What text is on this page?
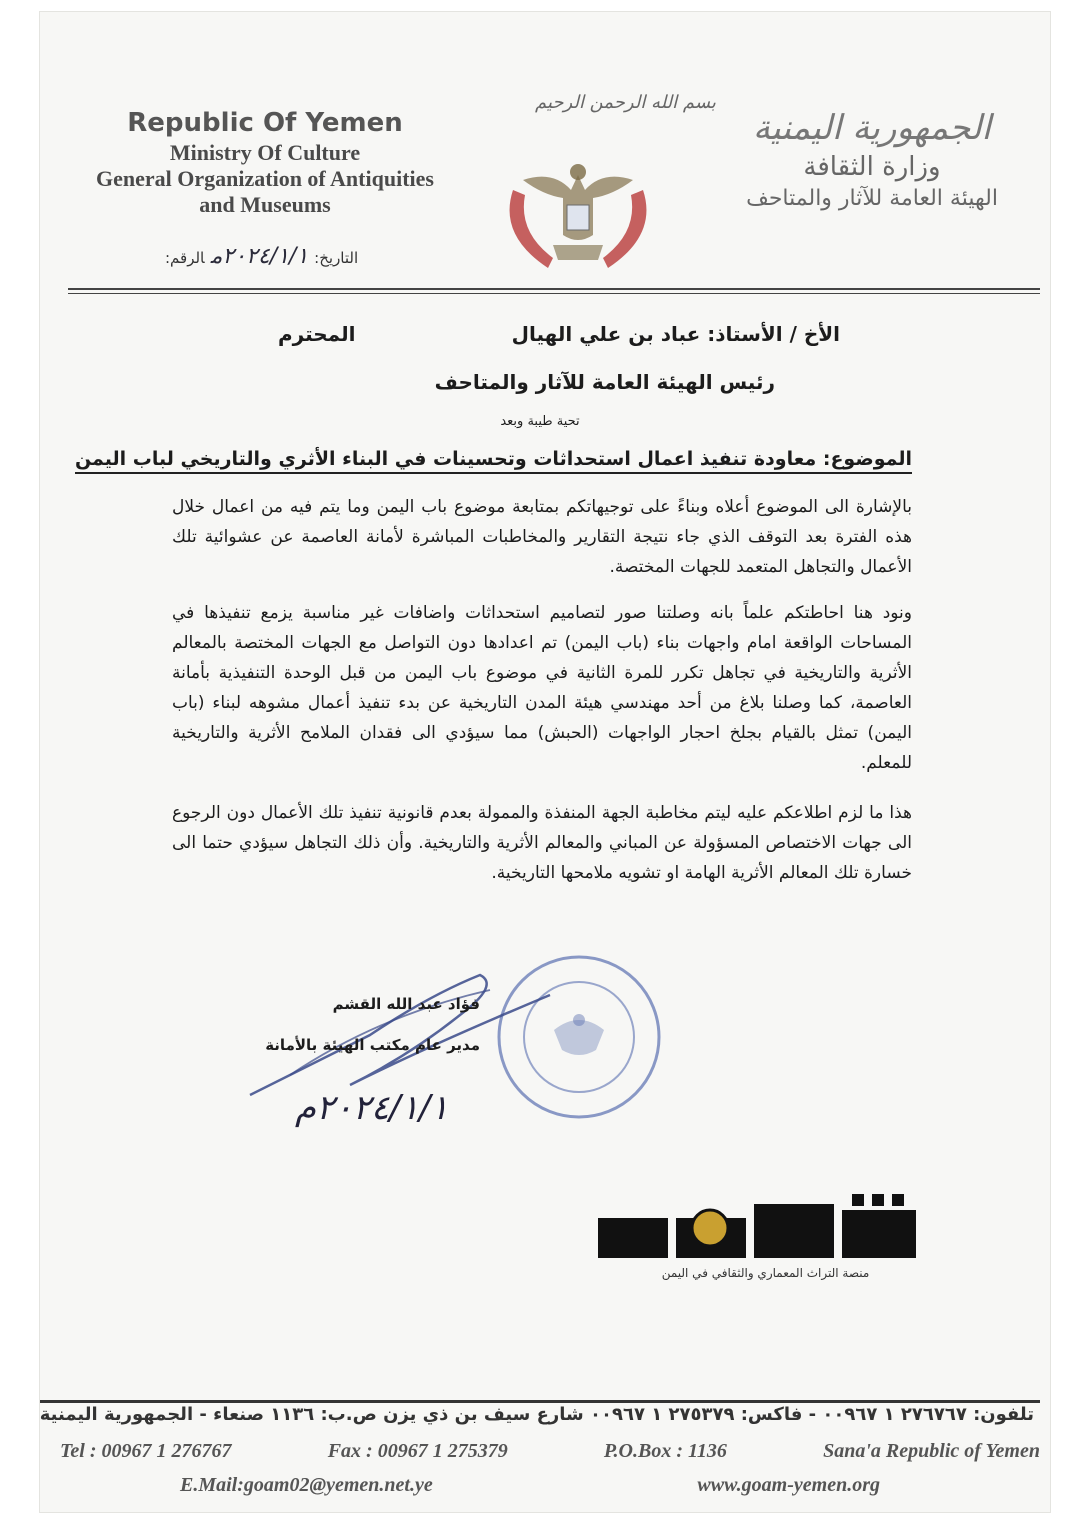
Republic Of Yemen
Ministry Of Culture
General Organization of Antiquities
and Museums
التاريخ:٢٠٢٤/١/١مالرقم:
بسم الله الرحمن الرحيم
الجمهورية اليمنية
وزارة الثقافة
الهيئة العامة للآثار والمتاحف
الأخ / الأستاذ: عباد بن علي الهيال
المحترم
رئيس الهيئة العامة للآثار والمتاحف
تحية طيبة وبعد
الموضوع: معاودة تنفيذ اعمال استحداثات وتحسينات في البناء الأثري والتاريخي لباب اليمن
بالإشارة الى الموضوع أعلاه وبناءً على توجيهاتكم بمتابعة موضوع باب اليمن وما يتم فيه من اعمال خلال هذه الفترة بعد التوقف الذي جاء نتيجة التقارير والمخاطبات المباشرة لأمانة العاصمة عن عشوائية تلك الأعمال والتجاهل المتعمد للجهات المختصة.
ونود هنا احاطتكم علماً بانه وصلتنا صور لتصاميم استحداثات واضافات غير مناسبة يزمع تنفيذها في المساحات الواقعة امام واجهات بناء (باب اليمن) تم اعدادها دون التواصل مع الجهات المختصة بالمعالم الأثرية والتاريخية في تجاهل تكرر للمرة الثانية في موضوع باب اليمن من قبل الوحدة التنفيذية بأمانة العاصمة، كما وصلنا بلاغ من أحد مهندسي هيئة المدن التاريخية عن بدء تنفيذ أعمال مشوهه لبناء (باب اليمن) تمثل بالقيام بجلخ احجار الواجهات (الحبش) مما سيؤدي الى فقدان الملامح الأثرية والتاريخية للمعلم.
هذا ما لزم اطلاعكم عليه ليتم مخاطبة الجهة المنفذة والممولة بعدم قانونية تنفيذ تلك الأعمال دون الرجوع الى جهات الاختصاص المسؤولة عن المباني والمعالم الأثرية والتاريخية. وأن ذلك التجاهل سيؤدي حتما الى خسارة تلك المعالم الأثرية الهامة او تشويه ملامحها التاريخية.
فؤاد عبد الله القشم
مدير عام مكتب الهيئة بالأمانة
٢٠٢٤/١/١م
منصة التراث المعماري والثقافي في اليمن
تلفون: ٢٧٦٧٦٧ ١ ٠٠٩٦٧ - فاكس: ٢٧٥٣٧٩ ١ ٠٠٩٦٧ شارع سيف بن ذي يزن ص.ب: ١١٣٦ صنعاء - الجمهورية اليمنية
Tel : 00967 1 276767	Fax : 00967 1 275379	P.O.Box : 1136	Sana'a Republic of Yemen
E.Mail:goam02@yemen.net.ye	www.goam-yemen.org
